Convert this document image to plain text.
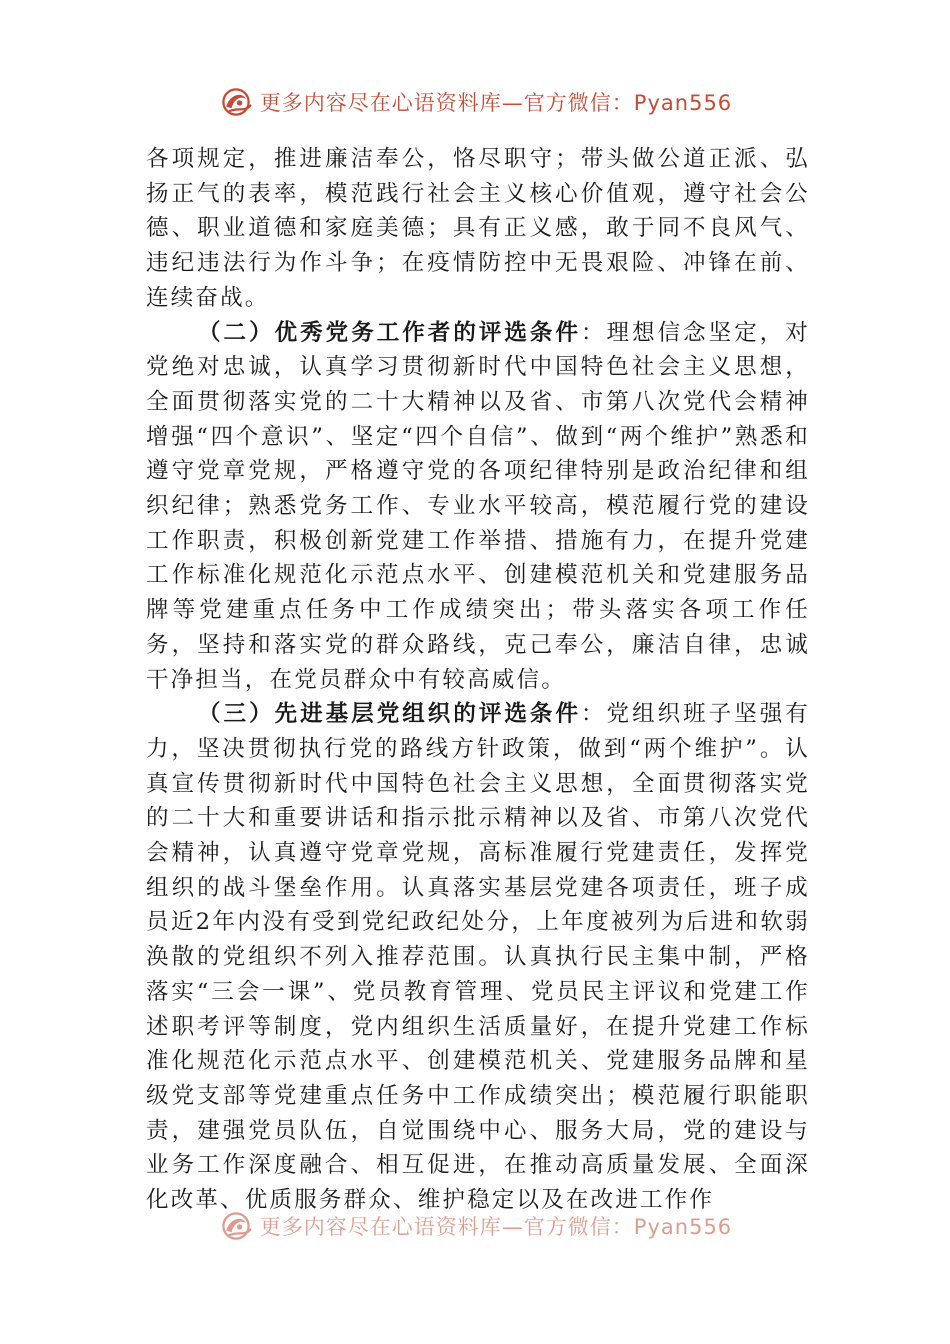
更多内容尽在心语资料库—官方微信：Pyan556

各项规定，推进廉洁奉公，恪尽职守；带头做公道正派、弘扬正气的表率，模范践行社会主义核心价值观，遵守社会公德、职业道德和家庭美德；具有正义感，敢于同不良风气、违纪违法行为作斗争；在疫情防控中无畏艰险、冲锋在前、连续奋战。

（二）优秀党务工作者的评选条件：理想信念坚定，对党绝对忠诚，认真学习贯彻新时代中国特色社会主义思想，全面贯彻落实党的二十大精神以及省、市第八次党代会精神增强“四个意识”、坚定“四个自信”、做到“两个维护”熟悉和遵守党章党规，严格遵守党的各项纪律特别是政治纪律和组织纪律；熟悉党务工作、专业水平较高，模范履行党的建设工作职责，积极创新党建工作举措、措施有力，在提升党建工作标准化规范化示范点水平、创建模范机关和党建服务品牌等党建重点任务中工作成绩突出；带头落实各项工作任务，坚持和落实党的群众路线，克己奉公，廉洁自律，忠诚干净担当，在党员群众中有较高威信。

（三）先进基层党组织的评选条件：党组织班子坚强有力，坚决贯彻执行党的路线方针政策，做到“两个维护”。认真宣传贯彻新时代中国特色社会主义思想，全面贯彻落实党的二十大和重要讲话和指示批示精神以及省、市第八次党代会精神，认真遵守党章党规，高标准履行党建责任，发挥党组织的战斗堡垒作用。认真落实基层党建各项责任，班子成员近2年内没有受到党纪政纪处分，上年度被列为后进和软弱涣散的党组织不列入推荐范围。认真执行民主集中制，严格落实“三会一课”、党员教育管理、党员民主评议和党建工作述职考评等制度，党内组织生活质量好，在提升党建工作标准化规范化示范点水平、创建模范机关、党建服务品牌和星级党支部等党建重点任务中工作成绩突出；模范履行职能职责，建强党员队伍，自觉围绕中心、服务大局，党的建设与业务工作深度融合、相互促进，在推动高质量发展、全面深化改革、优质服务群众、维护稳定以及在改进工作作

更多内容尽在心语资料库—官方微信：Pyan556
